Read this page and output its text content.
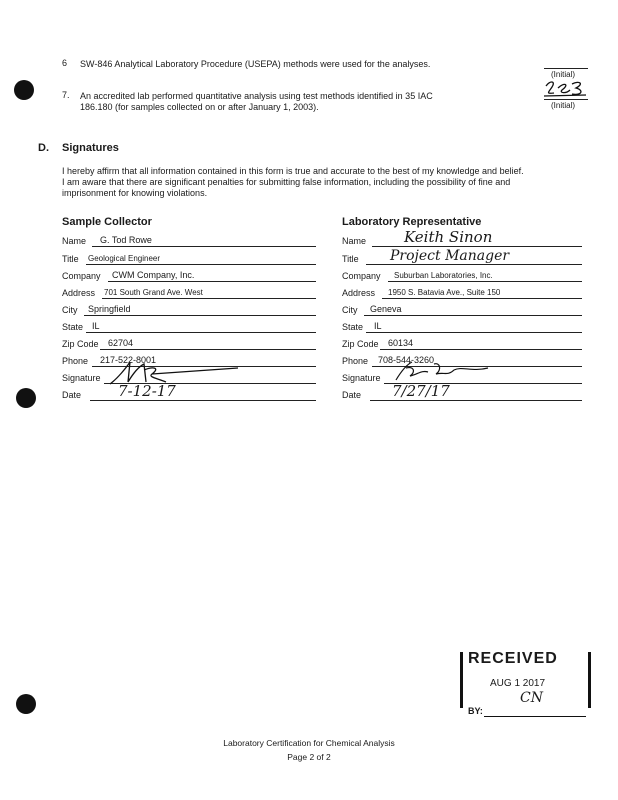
6 SW-846 Analytical Laboratory Procedure (USEPA) methods were used for the analyses.
(Initial)
7. An accredited lab performed quantitative analysis using test methods identified in 35 IAC
186.180 (for samples collected on or after January 1, 2003).	(Initial)
D. Signatures
I hereby affirm that all information contained in this form is true and accurate to the best of my knowledge and belief.
I am aware that there are significant penalties for submitting false information, including the possibility of fine and
imprisonment for knowing violations.
Sample Collector
Name G. Tod Rowe
Title Geological Engineer
Company CWM Company, Inc.
Address 701 South Grand Ave. West
City Springfield
State IL
Zip Code 62704
Phone 217-522-8001
Signature
Date 7-12-17
Laboratory Representative
Name	Keith Sinon
Title Project Manager
Company Suburban Laboratories, Inc.
Address 1950 S. Batavia Ave., Suite 150
City Geneva
State IL
Zip Code 60134
Phone 708-544-3260
Signature
Date 7/27/17
RECEIVED
AUG 1 2017
CN
BY:
Laboratory Certification for Chemical Analysis
Page 2 of 2
